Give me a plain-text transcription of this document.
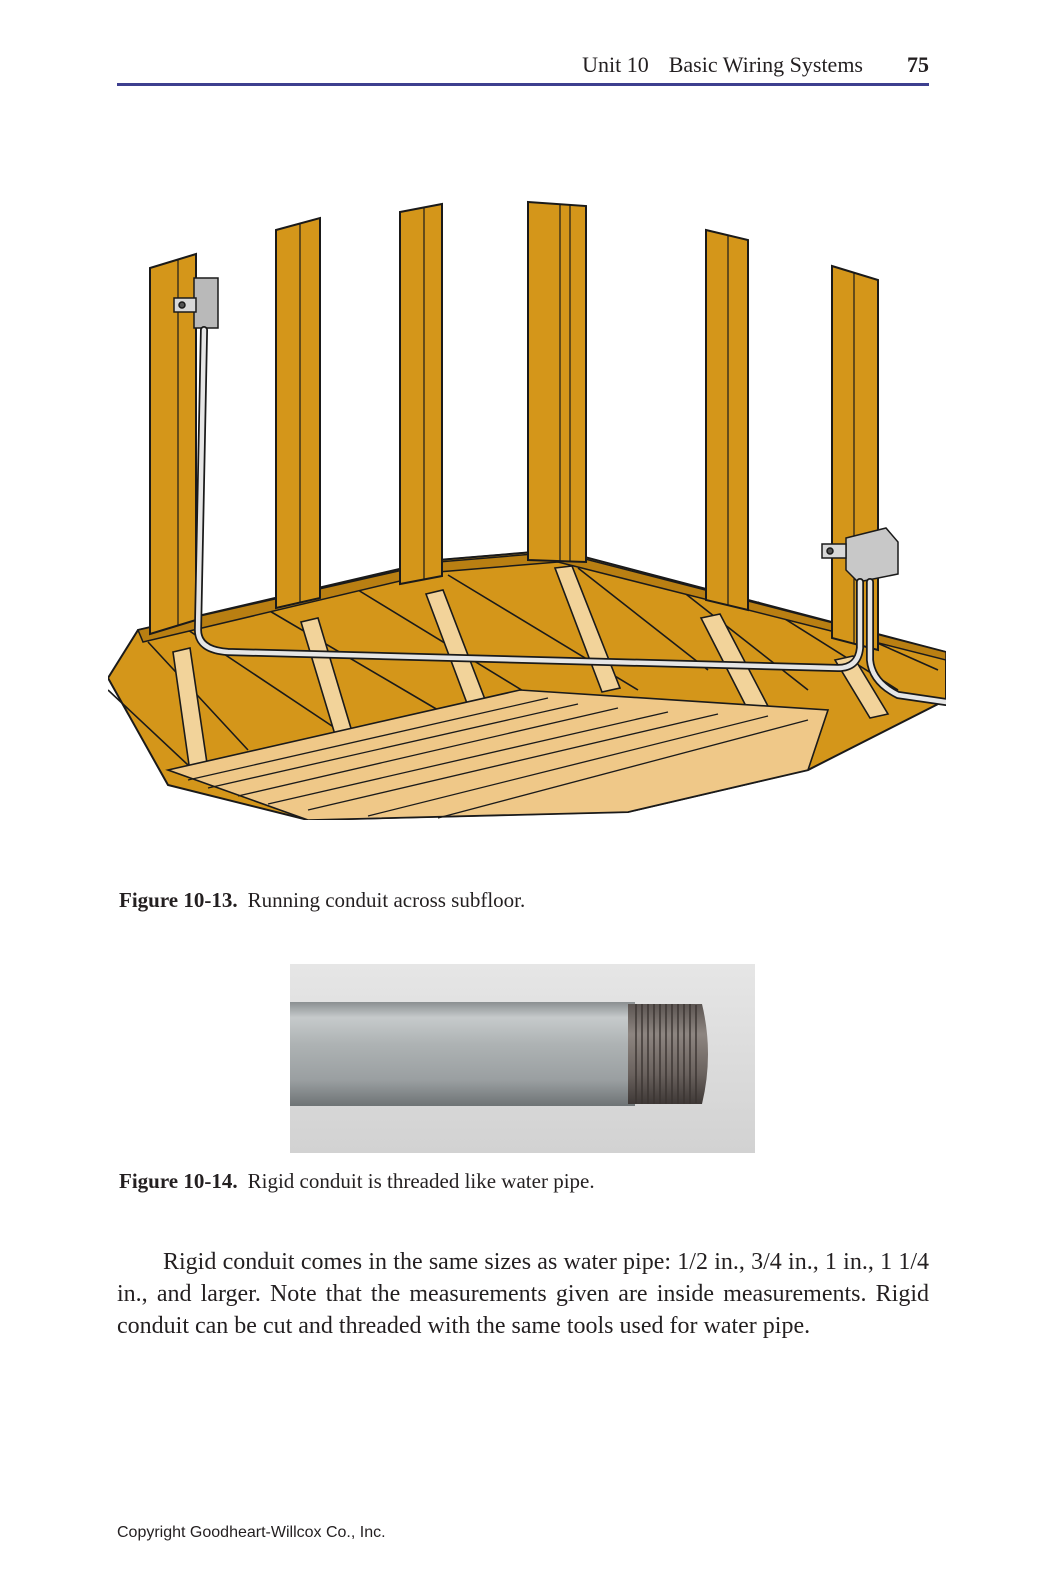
Unit 10 Basic Wiring Systems 75
Figure 10-13. Running conduit across subfloor.
Figure 10-14. Rigid conduit is threaded like water pipe.

Rigid conduit comes in the same sizes as water pipe: 1/2 in., 3/4 in., 1 in., 1 1/4 in., and larger. Note that the measurements given are inside measurements. Rigid conduit can be cut and threaded with the same tools used for water pipe.

Copyright Goodheart-Willcox Co., Inc.
